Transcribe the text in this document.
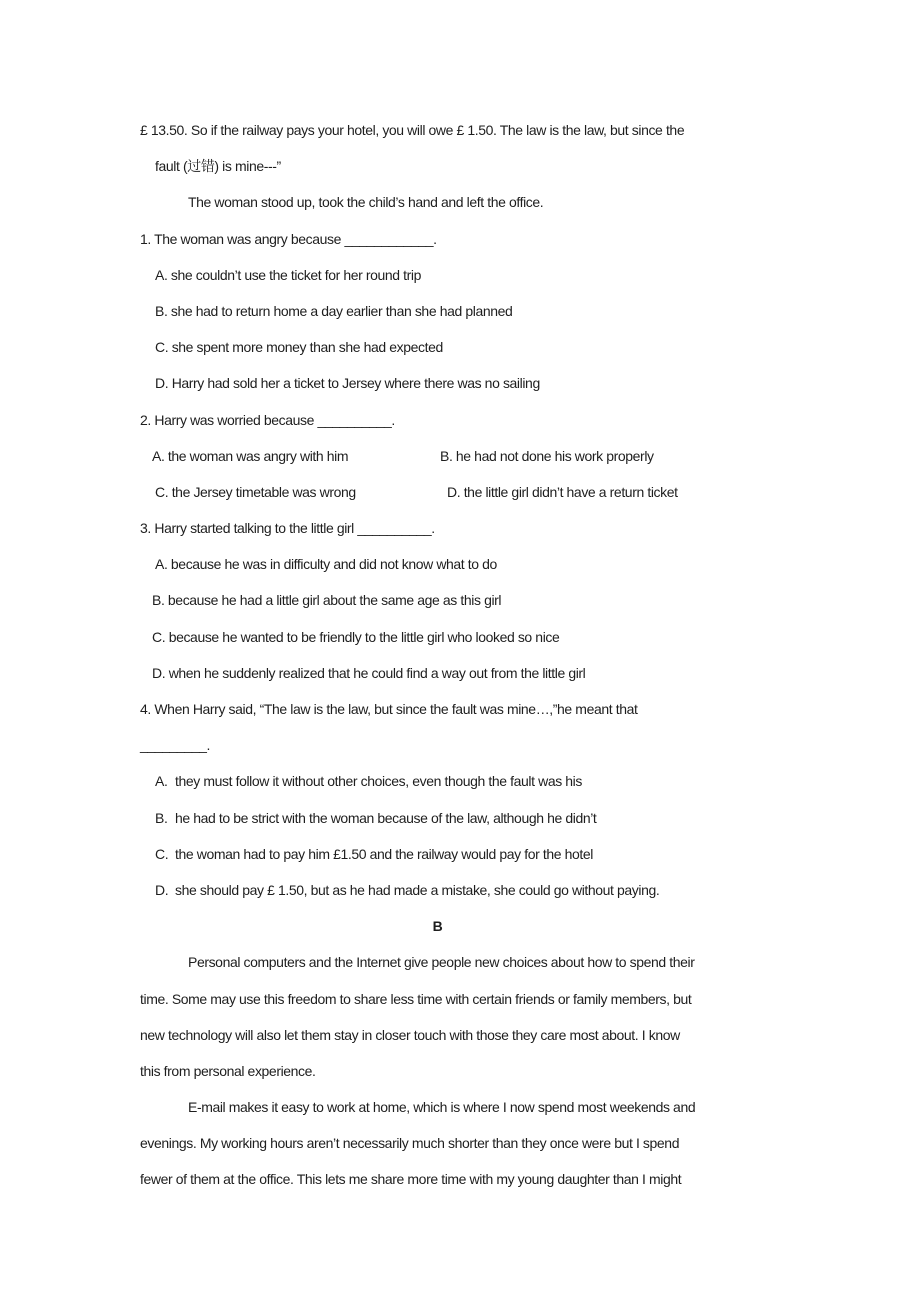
£ 13.50. So if the railway pays your hotel, you will owe £ 1.50. The law is the law, but since the
fault (过错) is mine---”
The woman stood up, took the child’s hand and left the office.
1. The woman was angry because ____________.
A. she couldn’t use the ticket for her round trip
B. she had to return home a day earlier than she had planned
C. she spent more money than she had expected
D. Harry had sold her a ticket to Jersey where there was no sailing
2. Harry was worried because __________.
A. the woman was angry with him	B. he had not done his work properly
C. the Jersey timetable was wrong	D. the little girl didn’t have a return ticket
3. Harry started talking to the little girl __________.
A. because he was in difficulty and did not know what to do
B. because he had a little girl about the same age as this girl
C. because he wanted to be friendly to the little girl who looked so nice
D. when he suddenly realized that he could find a way out from the little girl
4. When Harry said, “The law is the law, but since the fault was mine…,”he meant that
_________.
A. they must follow it without other choices, even though the fault was his
B. he had to be strict with the woman because of the law, although he didn’t
C. the woman had to pay him £1.50 and the railway would pay for the hotel
D. she should pay £ 1.50, but as he had made a mistake, she could go without paying.
B
Personal computers and the Internet give people new choices about how to spend their
time. Some may use this freedom to share less time with certain friends or family members, but
new technology will also let them stay in closer touch with those they care most about. I know
this from personal experience.
E-mail makes it easy to work at home, which is where I now spend most weekends and
evenings. My working hours aren’t necessarily much shorter than they once were but I spend
fewer of them at the office. This lets me share more time with my young daughter than I might
